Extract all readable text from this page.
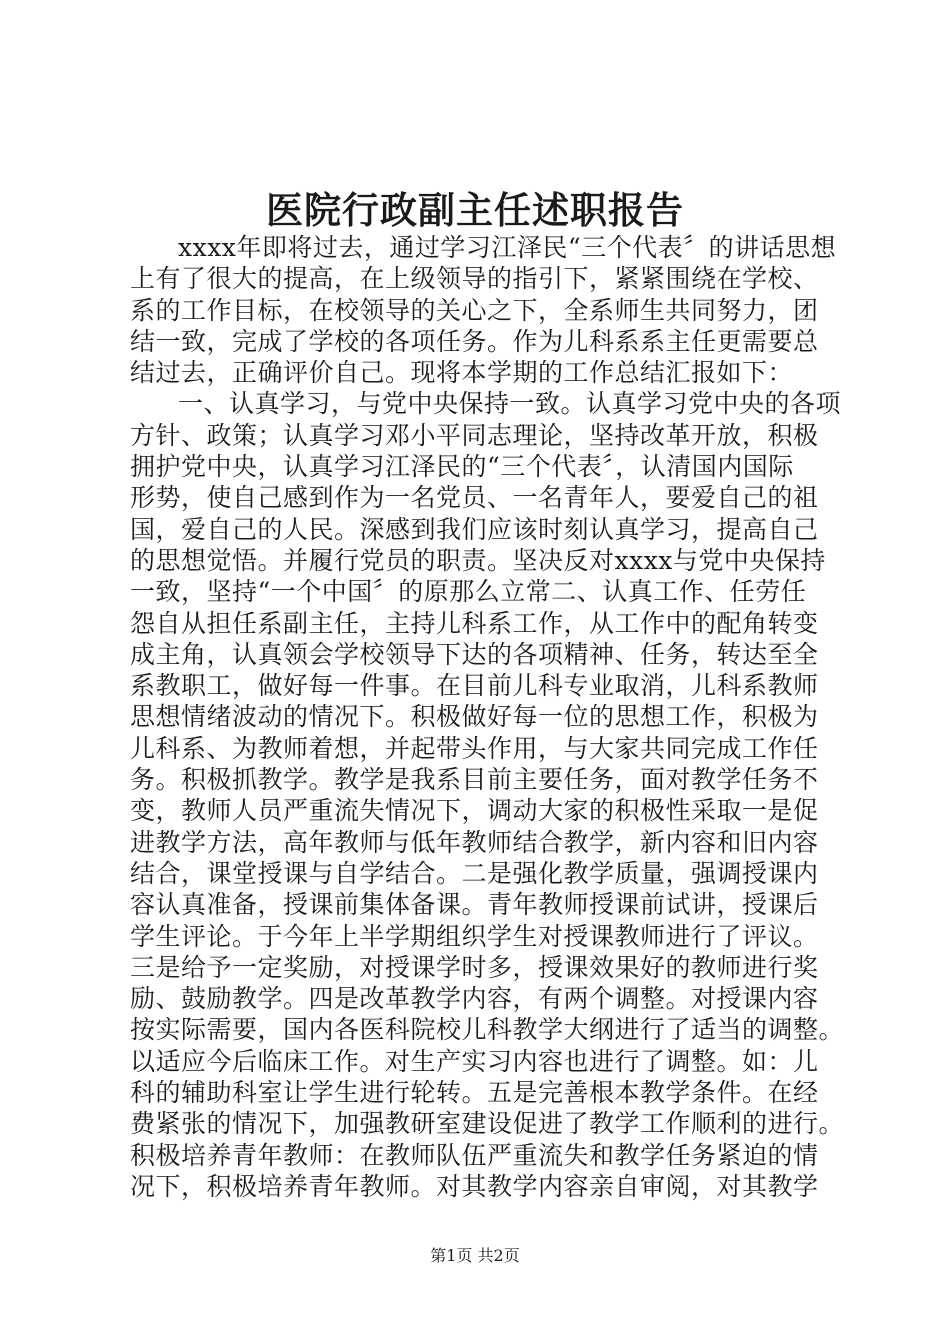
医院行政副主任述职报告
xxxx年即将过去，通过学习江泽民“三个代表〞的讲话思想
上有了很大的提高，在上级领导的指引下，紧紧围绕在学校、
系的工作目标，在校领导的关心之下，全系师生共同努力，团
结一致，完成了学校的各项任务。作为儿科系系主任更需要总
结过去，正确评价自己。现将本学期的工作总结汇报如下：
一、认真学习，与党中央保持一致。认真学习党中央的各项
方针、政策；认真学习邓小平同志理论，坚持改革开放，积极
拥护党中央，认真学习江泽民的“三个代表〞，认清国内国际
形势，使自己感到作为一名党员、一名青年人，要爱自己的祖
国，爱自己的人民。深感到我们应该时刻认真学习，提高自己
的思想觉悟。并履行党员的职责。坚决反对xxxx与党中央保持
一致，坚持“一个中国〞的原那么立常二、认真工作、任劳任
怨自从担任系副主任，主持儿科系工作，从工作中的配角转变
成主角，认真领会学校领导下达的各项精神、任务，转达至全
系教职工，做好每一件事。在目前儿科专业取消，儿科系教师
思想情绪波动的情况下。积极做好每一位的思想工作，积极为
儿科系、为教师着想，并起带头作用，与大家共同完成工作任
务。积极抓教学。教学是我系目前主要任务，面对教学任务不
变，教师人员严重流失情况下，调动大家的积极性采取一是促
进教学方法，高年教师与低年教师结合教学，新内容和旧内容
结合，课堂授课与自学结合。二是强化教学质量，强调授课内
容认真准备，授课前集体备课。青年教师授课前试讲，授课后
学生评论。于今年上半学期组织学生对授课教师进行了评议。
三是给予一定奖励，对授课学时多，授课效果好的教师进行奖
励、鼓励教学。四是改革教学内容，有两个调整。对授课内容
按实际需要，国内各医科院校儿科教学大纲进行了适当的调整。
以适应今后临床工作。对生产实习内容也进行了调整。如：儿
科的辅助科室让学生进行轮转。五是完善根本教学条件。在经
费紧张的情况下，加强教研室建设促进了教学工作顺利的进行。
积极培养青年教师：在教师队伍严重流失和教学任务紧迫的情
况下，积极培养青年教师。对其教学内容亲自审阅，对其教学
第1页 共2页
